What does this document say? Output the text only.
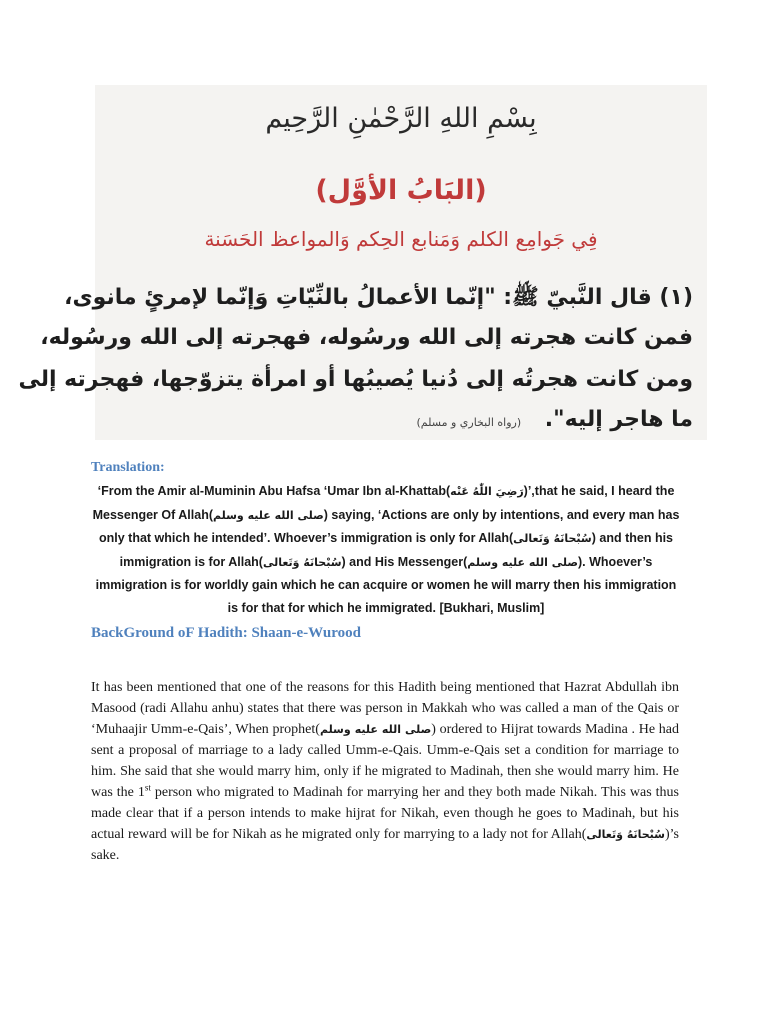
بِسْمِ اللهِ الرَّحْمٰنِ الرَّحِيم
(البَابُ الأوَّل)
فِي جَوامِع الكلم وَمَنابع الحِكم وَالمواعظ الحَسَنة
(١) قال النَّبيّ ﷺ: "إنّما الأعمالُ بالنِّيّاتِ وَإنّما لإمرئٍ مانوى،
فمن كانت هجرته إلى الله ورسُوله، فهجرته إلى الله ورسُوله،
ومن كانت هجرتُه إلى دُنيا يُصيبُها أو امرأة يتزوّجها، فهجرته إلى
ما هاجر إليه". (رواه البخاري و مسلم)
Translation:
‘From the Amir al-Muminin Abu Hafsa ‘Umar Ibn al-Khattab(رَضِيَ اللّٰهُ عَنْه)’,that he said, I heard the Messenger Of Allah(صلى الله عليه وسلم) saying, ‘Actions are only by intentions, and every man has only that which he intended’. Whoever’s immigration is only for Allah(سُبْحانَهُ وَتَعالى) and then his immigration is for Allah(سُبْحانَهُ وَتَعالى) and His Messenger(صلى الله عليه وسلم). Whoever’s immigration is for worldly gain which he can acquire or women he will marry then his immigration is for that for which he immigrated. [Bukhari, Muslim]
BackGround oF Hadith: Shaan-e-Wurood
It has been mentioned that one of the reasons for this Hadith being mentioned that Hazrat Abdullah ibn Masood (radi Allahu anhu) states that there was person in Makkah who was called a man of the Qais or ‘Muhaajir Umm-e-Qais’, When prophet(صلى الله عليه وسلم) ordered to Hijrat towards Madina . He had sent a proposal of marriage to a lady called Umm-e-Qais. Umm-e-Qais set a condition for marriage to him. She said that she would marry him, only if he migrated to Madinah, then she would marry him. He was the 1st person who migrated to Madinah for marrying her and they both made Nikah. This was thus made clear that if a person intends to make hijrat for Nikah, even though he goes to Madinah, but his actual reward will be for Nikah as he migrated only for marrying to a lady not for Allah(سُبْحانَهُ وَتَعالى)’s sake.
